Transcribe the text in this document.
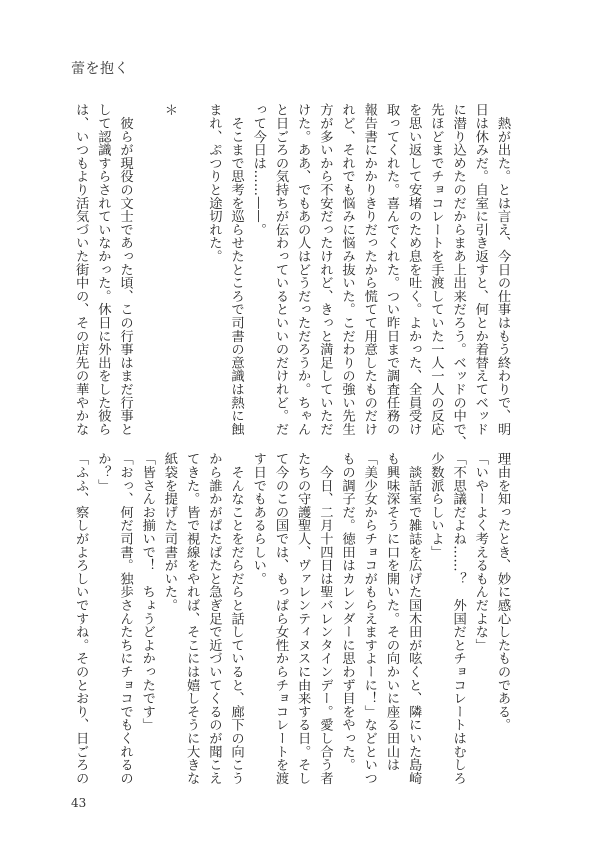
蕾を抱く
　熱が出た。とは言え、今日の仕事はもう終わりで、明
日は休みだ。自室に引き返すと、何とか着替えてベッド
に潜り込めたのだからまあ上出来だろう。ベッドの中で、
先ほどまでチョコレートを手渡していた一人一人の反応
を思い返して安堵のため息を吐く。よかった、全員受け
取ってくれた。喜んでくれた。つい昨日まで調査任務の
報告書にかかりきりだったから慌てて用意したものだけ
れど、それでも悩みに悩み抜いた。こだわりの強い先生
方が多いから不安だったけれど、きっと満足していただ
けた。ああ、でもあの人はどうだっただろうか。ちゃん
と日ごろの気持ちが伝わっているといいのだけれど。だ
って今日は……——。
　そこまで思考を巡らせたところで司書の意識は熱に蝕
まれ、ぷつりと途切れた。
＊
　彼らが現役の文士であった頃、この行事はまだ行事と
して認識すらされていなかった。休日に外出をした彼ら
は、いつもより活気づいた街中の、その店先の華やかな
理由を知ったとき、妙に感心したものである。
「いやーよく考えるもんだよな」
「不思議だよね……？　外国だとチョコレートはむしろ
少数派らしいよ」
　談話室で雑誌を広げた国木田が呟くと、隣にいた島崎
も興味深そうに口を開いた。その向かいに座る田山は
「美少女からチョコがもらえますよーに！」などといつ
もの調子だ。徳田はカレンダーに思わず目をやった。
　今日、二月十四日は聖バレンタインデー。愛し合う者
たちの守護聖人、ヴァレンティヌスに由来する日。そし
て今のこの国では、もっぱら女性からチョコレートを渡
す日でもあるらしい。
　そんなことをだらだらと話していると、廊下の向こう
から誰かがぱたぱたと急ぎ足で近づいてくるのが聞こえ
てきた。皆で視線をやれば、そこには嬉しそうに大きな
紙袋を提げた司書がいた。
「皆さんお揃いで！　ちょうどよかったです」
「おっ、何だ司書。独歩さんたちにチョコでもくれるの
か？」
「ふふ、察しがよろしいですね。そのとおり、日ごろの
43
